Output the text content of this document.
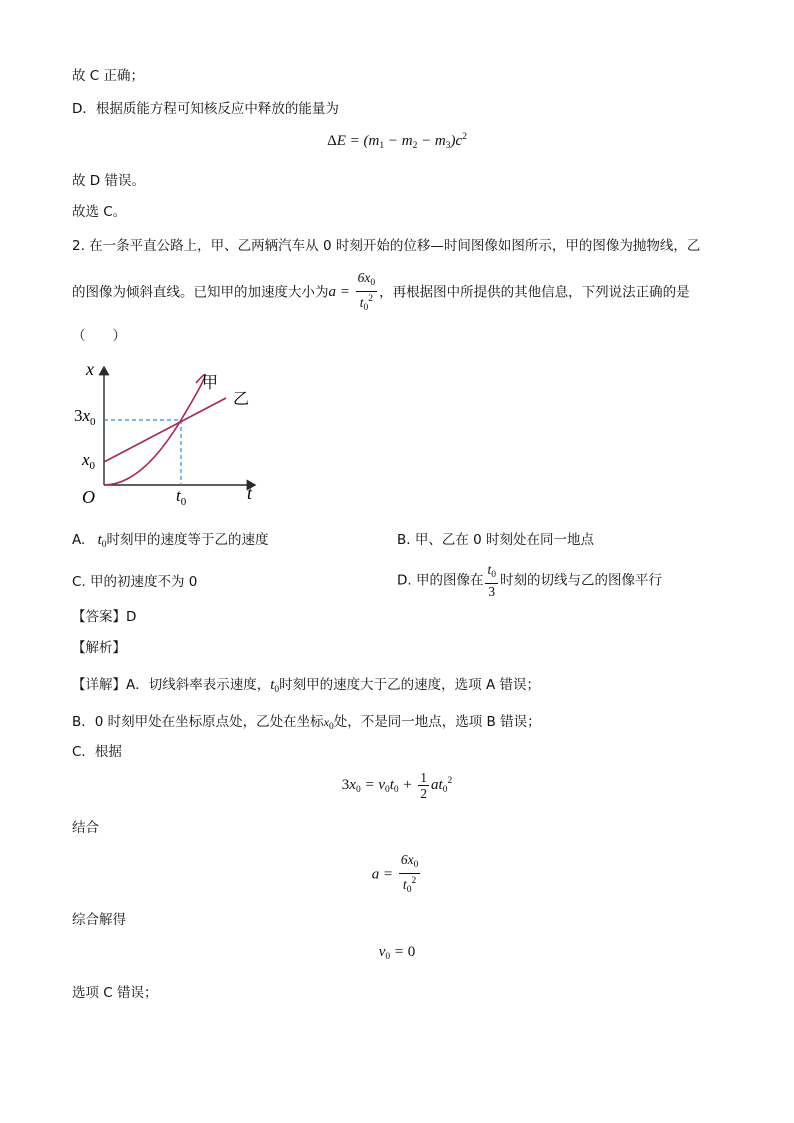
故 C 正确；
D．根据质能方程可知核反应中释放的能量为
$\Delta E = (m_1 - m_2 - m_3)c^2$
故 D 错误。
故选 C。
2. 在一条平直公路上，甲、乙两辆汽车从 0 时刻开始的位移—时间图像如图所示，甲的图像为抛物线，乙
的图像为倾斜直线。已知甲的加速度大小为$a = \frac{6x_0}{t_0^2}$ ，再根据图中所提供的其他信息，下列说法正确的是
（　　）
x
t
O
甲
乙
$3x_0$
$x_0$
$t_0$
A. $t_0$时刻甲的速度等于乙的速度	B. 甲、乙在 0 时刻处在同一地点
C. 甲的初速度不为 0	D. 甲的图像在 $\frac{t_0}{3}$ 时刻的切线与乙的图像平行
【答案】D
【解析】
【详解】A．切线斜率表示速度，$t_0$时刻甲的速度大于乙的速度，选项 A 错误；
B．0 时刻甲处在坐标原点处，乙处在坐标$x_0$处，不是同一地点，选项 B 错误；
C．根据
$3x_0 = v_0t_0 + \frac{1}{2} at_0^2$
结合
$a = \frac{6x_0}{t_0^2}$
综合解得
$v_0 = 0$
选项 C 错误；
